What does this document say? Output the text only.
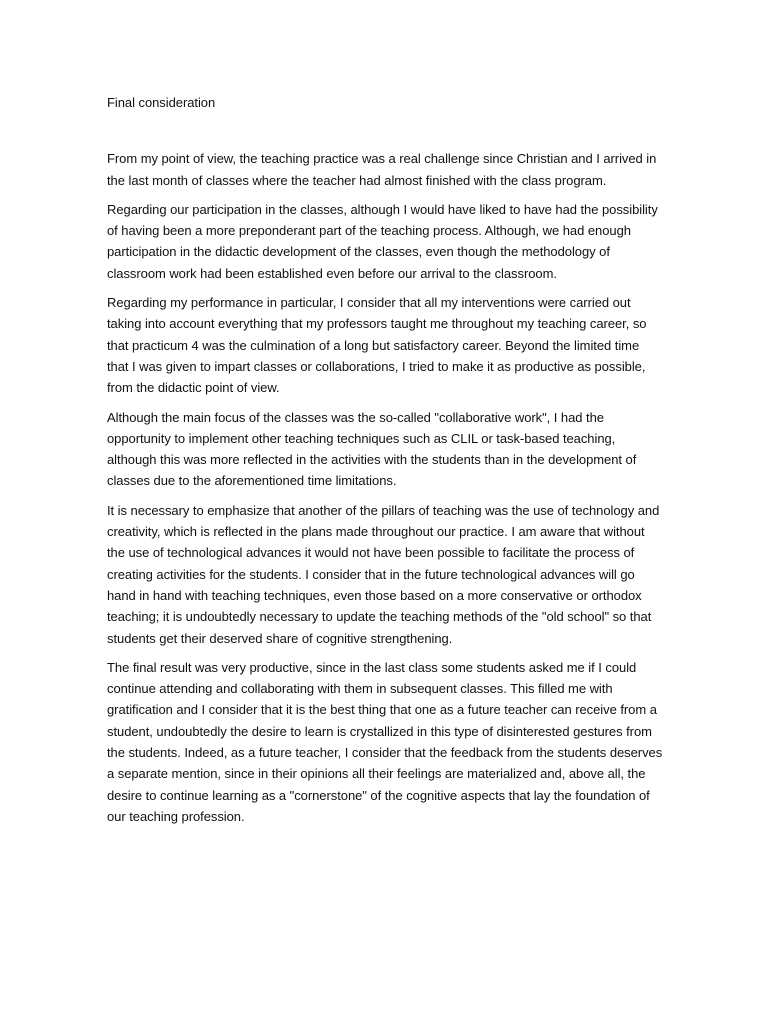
Final consideration

From my point of view, the teaching practice was a real challenge since Christian and I arrived in the last month of classes where the teacher had almost finished with the class program.

Regarding our participation in the classes, although I would have liked to have had the possibility of having been a more preponderant part of the teaching process. Although, we had enough participation in the didactic development of the classes, even though the methodology of classroom work had been established even before our arrival to the classroom.

Regarding my performance in particular, I consider that all my interventions were carried out taking into account everything that my professors taught me throughout my teaching career, so that practicum 4 was the culmination of a long but satisfactory career. Beyond the limited time that I was given to impart classes or collaborations, I tried to make it as productive as possible, from the didactic point of view.

Although the main focus of the classes was the so-called "collaborative work", I had the opportunity to implement other teaching techniques such as CLIL or task-based teaching, although this was more reflected in the activities with the students than in the development of classes due to the aforementioned time limitations.

It is necessary to emphasize that another of the pillars of teaching was the use of technology and creativity, which is reflected in the plans made throughout our practice. I am aware that without the use of technological advances it would not have been possible to facilitate the process of creating activities for the students. I consider that in the future technological advances will go hand in hand with teaching techniques, even those based on a more conservative or orthodox teaching; it is undoubtedly necessary to update the teaching methods of the "old school" so that students get their deserved share of cognitive strengthening.

The final result was very productive, since in the last class some students asked me if I could continue attending and collaborating with them in subsequent classes. This filled me with gratification and I consider that it is the best thing that one as a future teacher can receive from a student, undoubtedly the desire to learn is crystallized in this type of disinterested gestures from the students. Indeed, as a future teacher, I consider that the feedback from the students deserves a separate mention, since in their opinions all their feelings are materialized and, above all, the desire to continue learning as a "cornerstone" of the cognitive aspects that lay the foundation of our teaching profession.
